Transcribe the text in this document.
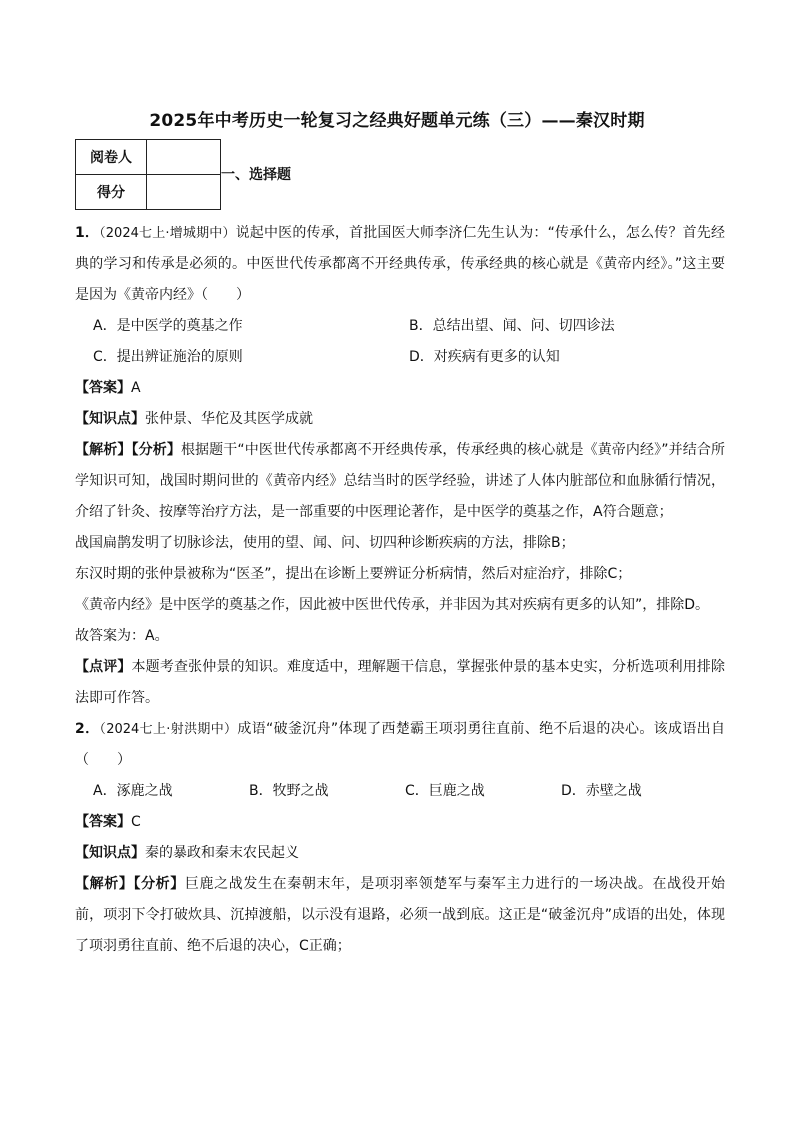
2025年中考历史一轮复习之经典好题单元练（三）——秦汉时期
阅卷人	
得分	
一、选择题

1．（2024七上·增城期中）说起中医的传承，首批国医大师李济仁先生认为：“传承什么，怎么传？首先经典的学习和传承是必须的。中医世代传承都离不开经典传承，传承经典的核心就是《黄帝内经》。”这主要是因为《黄帝内经》（　　）

A．是中医学的奠基之作	B．总结出望、闻、问、切四诊法

C．提出辨证施治的原则	D．对疾病有更多的认知

【答案】A

【知识点】张仲景、华佗及其医学成就

【解析】【分析】根据题干“中医世代传承都离不开经典传承，传承经典的核心就是《黄帝内经》”并结合所学知识可知，战国时期问世的《黄帝内经》总结当时的医学经验，讲述了人体内脏部位和血脉循行情况，介绍了针灸、按摩等治疗方法，是一部重要的中医理论著作，是中医学的奠基之作，A符合题意；

战国扁鹊发明了切脉诊法，使用的望、闻、问、切四种诊断疾病的方法，排除B；

东汉时期的张仲景被称为“医圣”，提出在诊断上要辨证分析病情，然后对症治疗，排除C；

《黄帝内经》是中医学的奠基之作，因此被中医世代传承，并非因为其对疾病有更多的认知”，排除D。

故答案为：A。

【点评】本题考查张仲景的知识。难度适中，理解题干信息，掌握张仲景的基本史实，分析选项利用排除法即可作答。

2．（2024七上·射洪期中）成语“破釜沉舟”体现了西楚霸王项羽勇往直前、绝不后退的决心。该成语出自（　　）

A．涿鹿之战	B．牧野之战	C．巨鹿之战	D．赤壁之战

【答案】C

【知识点】秦的暴政和秦末农民起义

【解析】【分析】巨鹿之战发生在秦朝末年，是项羽率领楚军与秦军主力进行的一场决战。在战役开始前，项羽下令打破炊具、沉掉渡船，以示没有退路，必须一战到底。这正是“破釜沉舟”成语的出处，体现了项羽勇往直前、绝不后退的决心，C正确；
